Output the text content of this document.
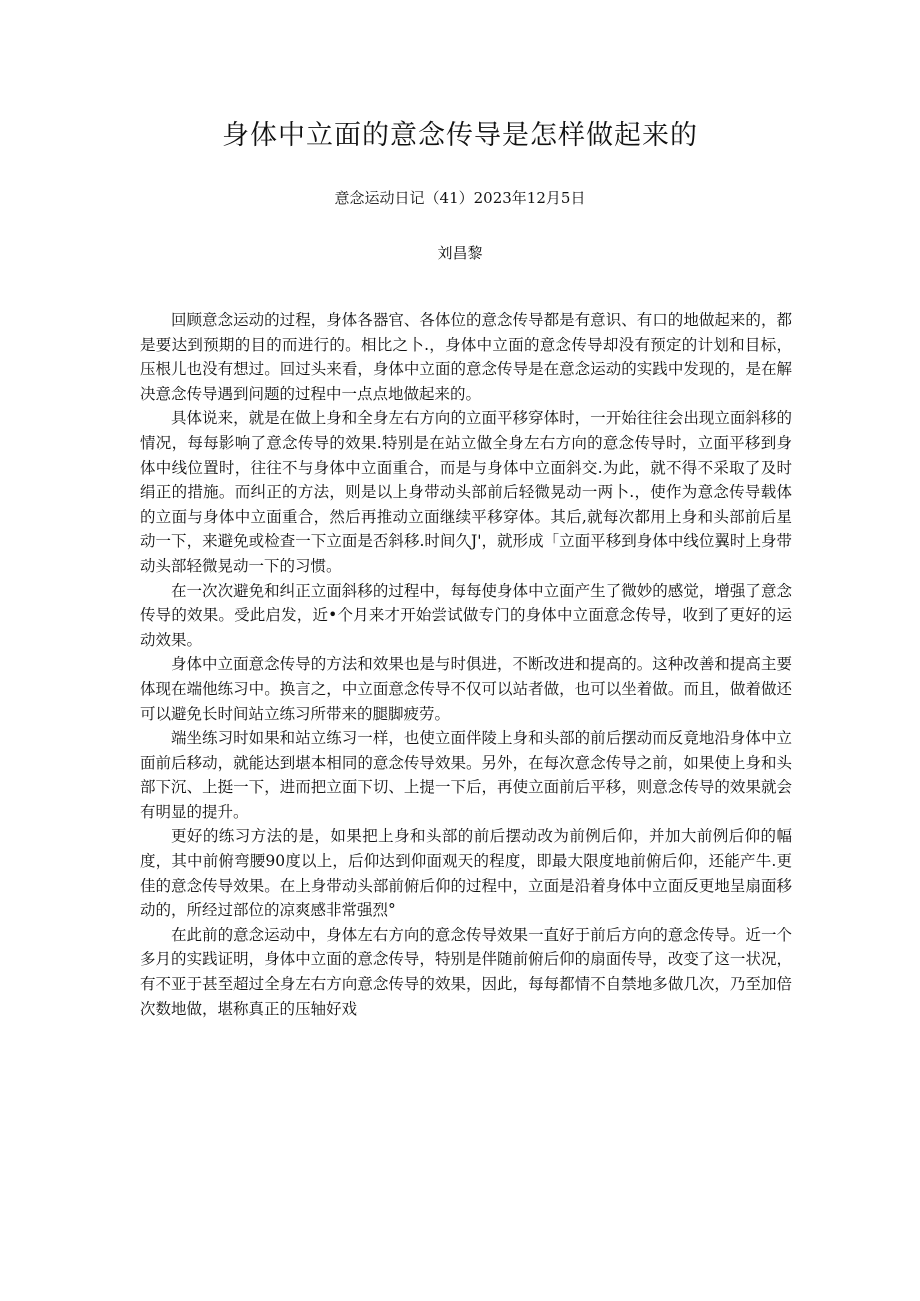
身体中立面的意念传导是怎样做起来的

意念运动日记（41）2023年12月5日

刘昌黎

回顾意念运动的过程，身体各器官、各体位的意念传导都是有意识、有口的地做起来的，都是要达到预期的目的而进行的。相比之卜.，身体中立面的意念传导却没有预定的计划和目标，压根儿也没有想过。回过头来看，身体中立面的意念传导是在意念运动的实践中发现的，是在解决意念传导遇到问题的过程中一点点地做起来的。

具体说来，就是在做上身和全身左右方向的立面平移穿体时，一开始往往会出现立面斜移的情况，每每影响了意念传导的效果.特别是在站立做全身左右方向的意念传导时，立面平移到身体中线位置时，往往不与身体中立面重合，而是与身体中立面斜交.为此，就不得不采取了及时绢正的措施。而纠正的方法，则是以上身带动头部前后轻微晃动一两卜.，使作为意念传导载体的立面与身体中立面重合，然后再推动立面继续平移穿体。其后,就每次都用上身和头部前后星动一下，来避免或检查一下立面是否斜移.时间久J'，就形成「立面平移到身体中线位翼时上身带动头部轻微晃动一下的习惯。

在一次次避免和纠正立面斜移的过程中，每每使身体中立面产生了微妙的感觉，增强了意念传导的效果。受此启发，近•个月来才开始尝试做专门的身体中立面意念传导，收到了更好的运动效果。

身体中立面意念传导的方法和效果也是与时俱进，不断改进和提高的。这种改善和提高主要体现在端他练习中。换言之，中立面意念传导不仅可以站者做，也可以坐着做。而且，做着做还可以避免长时间站立练习所带来的腿脚疲劳。

端坐练习时如果和站立练习一样，也使立面伴陵上身和头部的前后摆动而反竟地沿身体中立面前后移动，就能达到堪本相同的意念传导效果。另外，在每次意念传导之前，如果使上身和头部下沉、上挺一下，进而把立面下切、上提一下后，再使立面前后平移，则意念传导的效果就会有明显的提升。

更好的练习方法的是，如果把上身和头部的前后摆动改为前例后仰，并加大前例后仰的幅度，其中前俯弯腰90度以上，后仰达到仰面观天的程度，即最大限度地前俯后仰，还能产牛.更佳的意念传导效果。在上身带动头部前俯后仰的过程中，立面是沿着身体中立面反更地呈扇面移动的，所经过部位的凉爽感非常强烈°

在此前的意念运动中，身体左右方向的意念传导效果一直好于前后方向的意念传导。近一个多月的实践证明，身体中立面的意念传导，特别是伴随前俯后仰的扇面传导，改变了这一状况，有不亚于甚至超过全身左右方向意念传导的效果，因此，每每都情不自禁地多做几次，乃至加倍次数地做，堪称真正的压轴好戏
